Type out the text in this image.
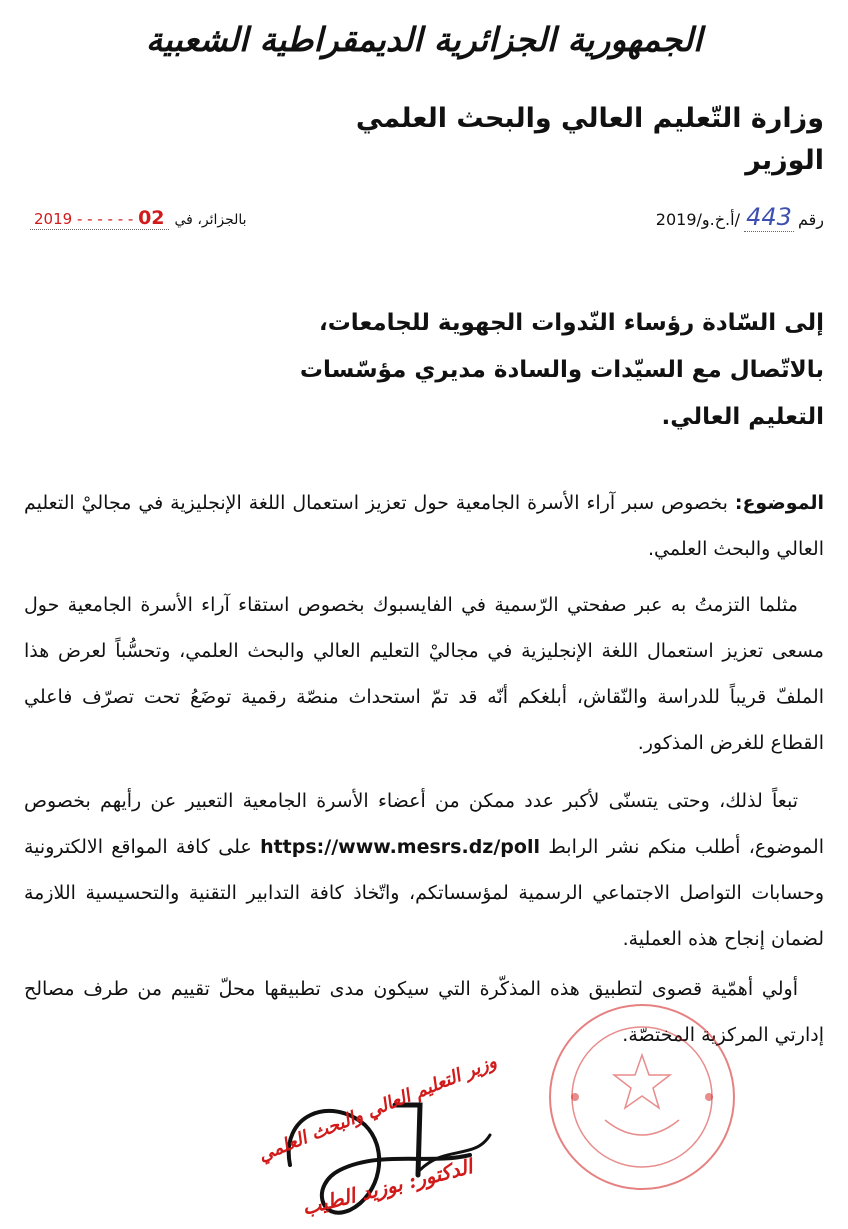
الجمهورية الجزائرية الديمقراطية الشعبية
وزارة التّعليم العالي والبحث العلمي
الوزير
رقم
443
/أ.خ.و/2019
بالجزائر، في
2019 - - - - - - 02
إلى السّادة رؤساء النّدوات الجهوية للجامعات،
بالاتّصال مع السيّدات والسادة مديري مؤسّسات
التعليم العالي.
الموضوع: بخصوص سبر آراء الأسرة الجامعية حول تعزيز استعمال اللغة الإنجليزية في مجاليْ التعليم العالي والبحث العلمي.
مثلما التزمتُ به عبر صفحتي الرّسمية في الفايسبوك بخصوص استقاء آراء الأسرة الجامعية حول مسعى تعزيز استعمال اللغة الإنجليزية في مجاليْ التعليم العالي والبحث العلمي، وتحسُّباً لعرض هذا الملفّ قريباً للدراسة والنّقاش، أبلغكم أنّه قد تمّ استحداث منصّة رقمية توضَعُ تحت تصرّف فاعلي القطاع للغرض المذكور.
تبعاً لذلك، وحتى يتسنّى لأكبر عدد ممكن من أعضاء الأسرة الجامعية التعبير عن رأيهم بخصوص الموضوع، أطلب منكم نشر الرابط https://www.mesrs.dz/poll على كافة المواقع الالكترونية وحسابات التواصل الاجتماعي الرسمية لمؤسساتكم، واتّخاذ كافة التدابير التقنية والتحسيسية اللازمة لضمان إنجاح هذه العملية.
أولي أهمّية قصوى لتطبيق هذه المذكّرة التي سيكون مدى تطبيقها محلّ تقييم من طرف مصالح إدارتي المركزية المختصّة.
وزير التعليم العالي والبحث العلمي
الدكتور: بوزيد الطيب
